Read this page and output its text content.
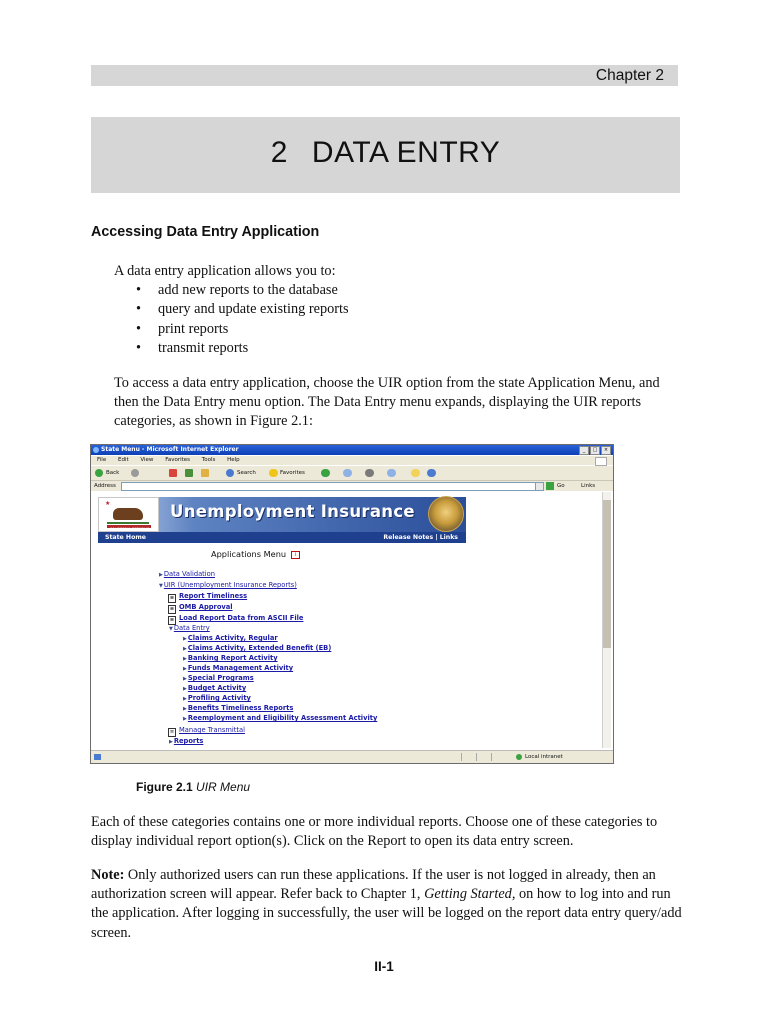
Chapter 2
2 DATA ENTRY
Accessing Data Entry Application
A data entry application allows you to:
• add new reports to the database
• query and update existing reports
• print reports
• transmit reports
To access a data entry application, choose the UIR option from the state Application Menu, and then the Data Entry menu option. The Data Entry menu expands, displaying the UIR reports categories, as shown in Figure 2.1:
State Menu - Microsoft Internet Explorer	_	□	×
File Edit View Favorites Tools Help
Back	Search	Favorites
Address	Go	Links
★
CALIFORNIA REPUBLIC
Unemployment Insurance
State Home	Release Notes | Links
Applications Menu i
▶Data Validation
▼UIR (Unemployment Insurance Reports)
≡ Report Timeliness
≡ OMB Approval
≡ Load Report Data from ASCII File
▼Data Entry
▶Claims Activity, Regular
▶Claims Activity, Extended Benefit (EB)
▶Banking Report Activity
▶Funds Management Activity
▶Special Programs
▶Budget Activity
▶Profiling Activity
▶Benefits Timeliness Reports
▶Reemployment and Eligibility Assessment Activity
≡ Manage Transmittal
▶Reports
Local intranet
Figure 2.1 UIR Menu
Each of these categories contains one or more individual reports. Choose one of these categories to display individual report option(s). Click on the Report to open its data entry screen.
Note: Only authorized users can run these applications. If the user is not logged in already, then an authorization screen will appear. Refer back to Chapter 1, Getting Started, on how to log into and run the application. After logging in successfully, the user will be logged on the report data entry query/add screen.
II-1
